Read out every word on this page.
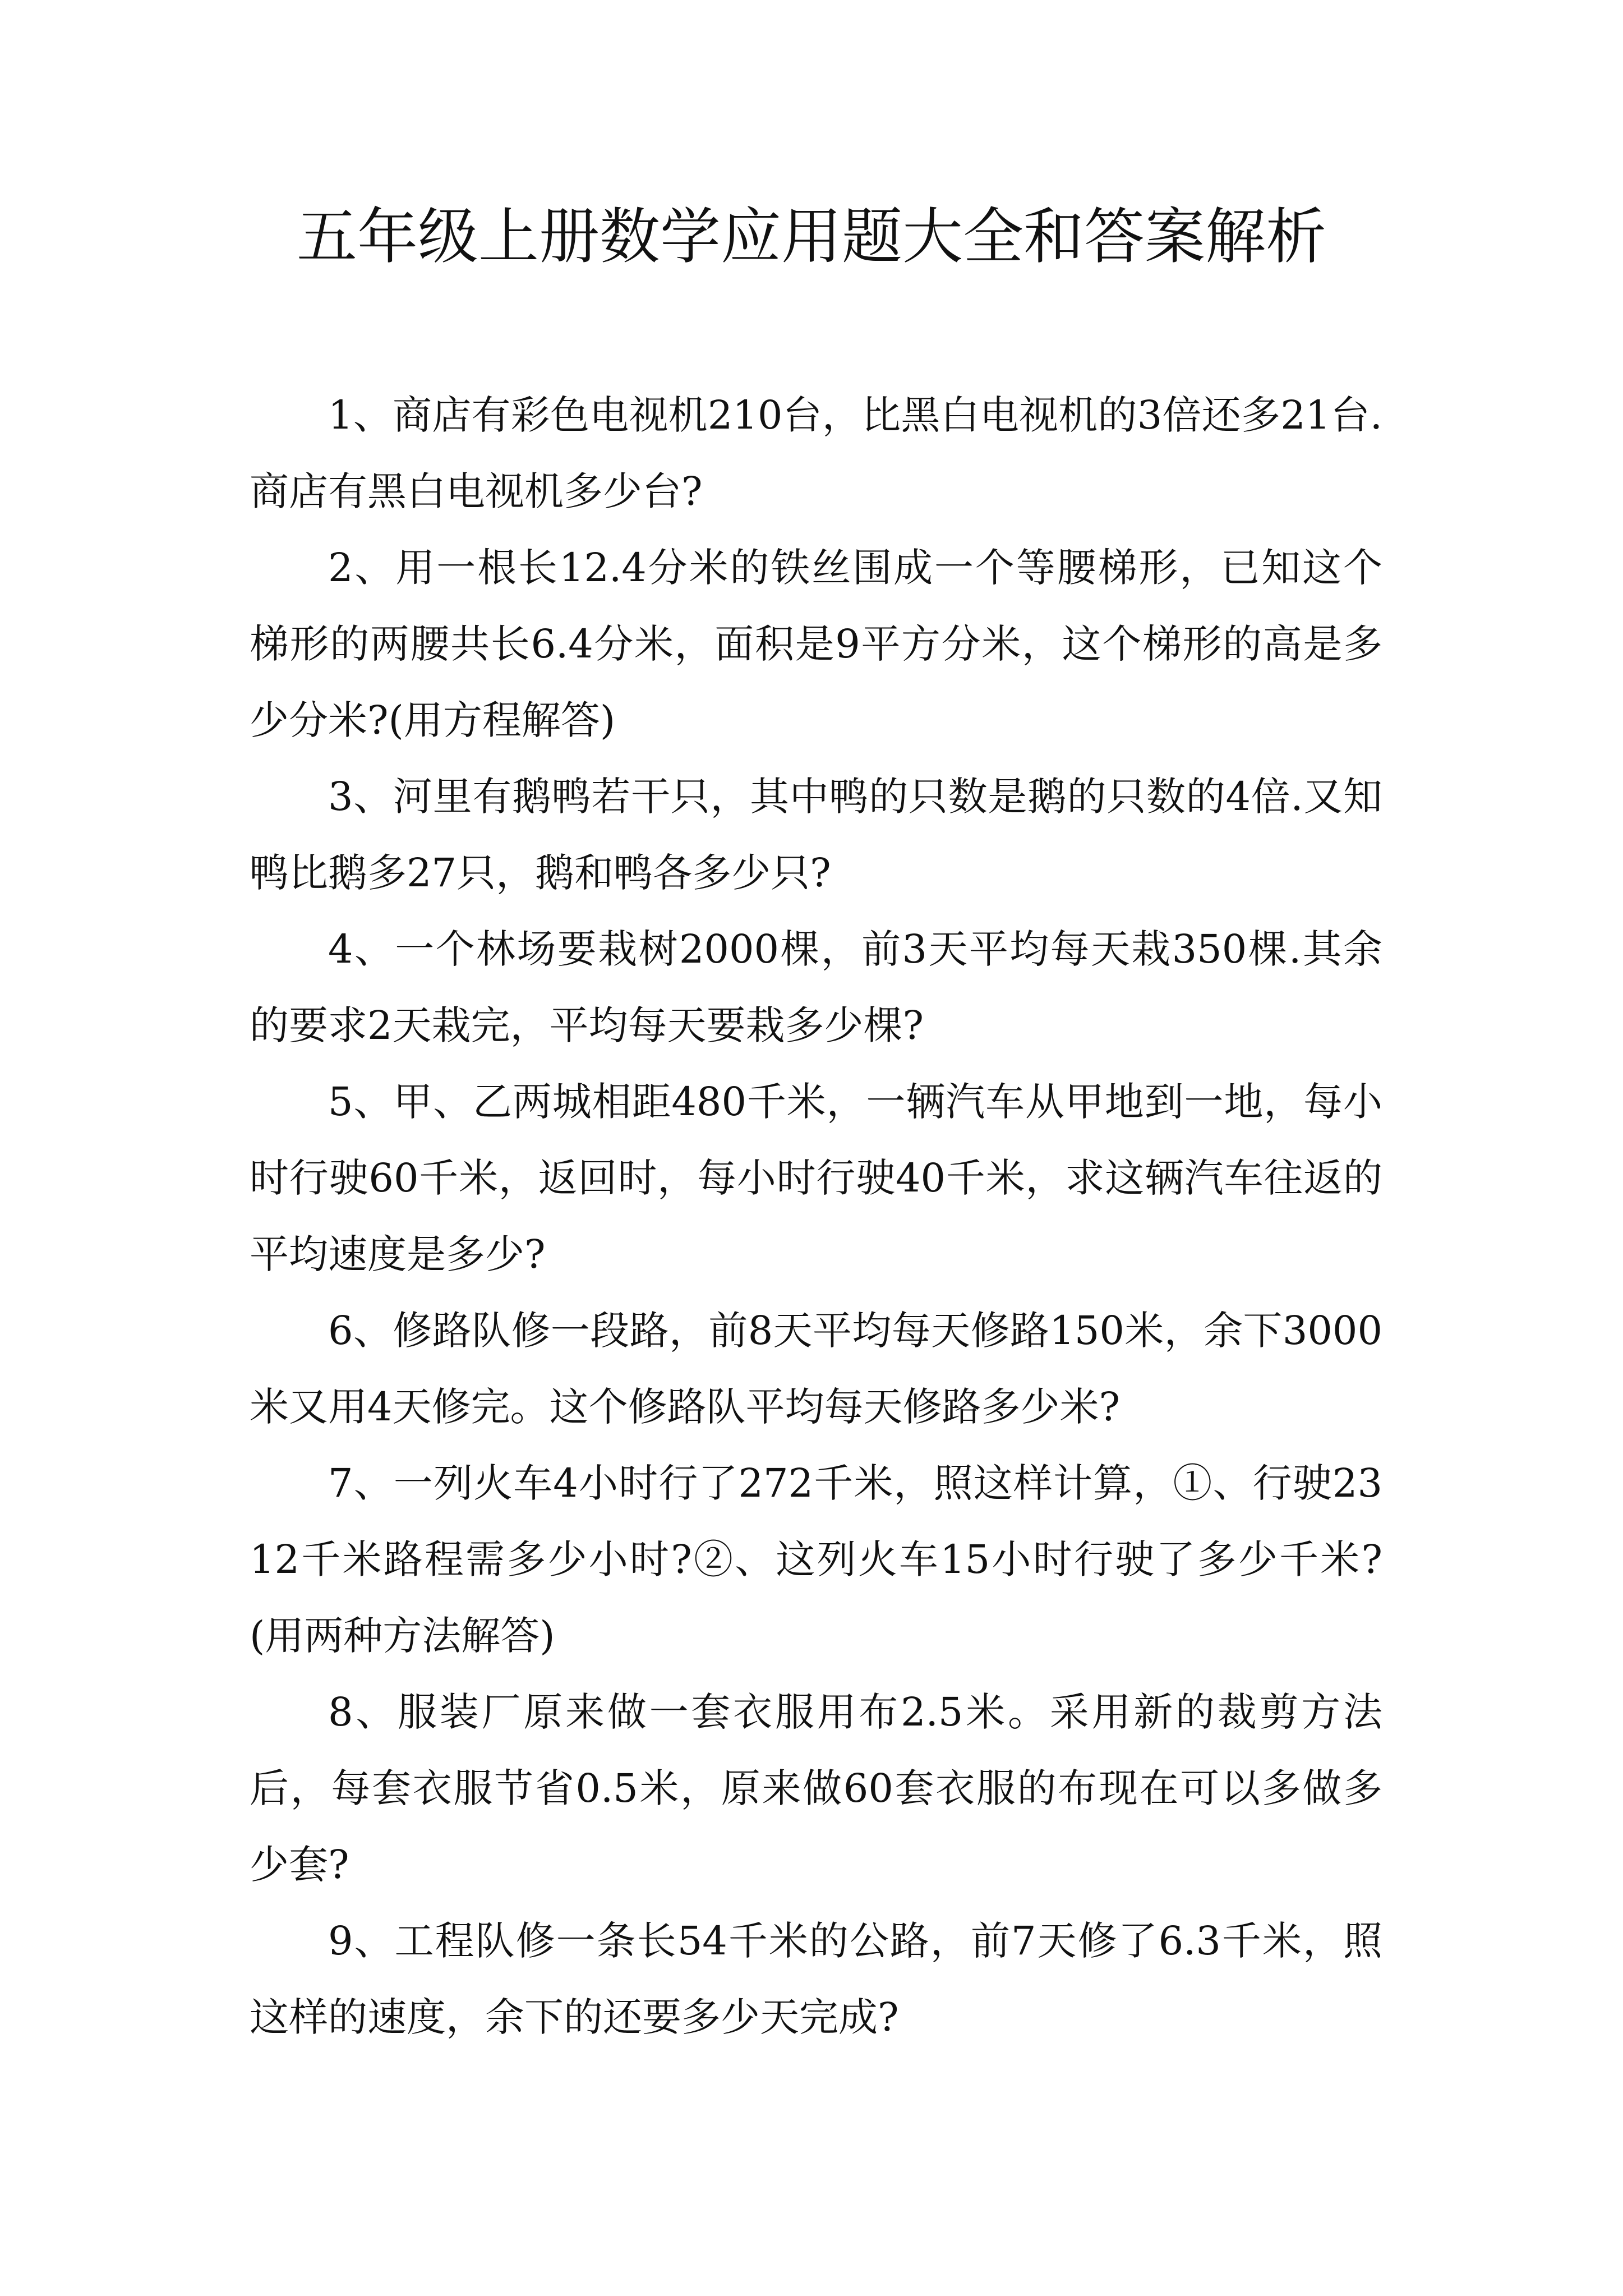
五年级上册数学应用题大全和答案解析

1、商店有彩色电视机210台，比黑白电视机的3倍还多21台.商店有黑白电视机多少台?

2、用一根长12.4分米的铁丝围成一个等腰梯形，已知这个梯形的两腰共长6.4分米，面积是9平方分米，这个梯形的高是多少分米?(用方程解答)

3、河里有鹅鸭若干只，其中鸭的只数是鹅的只数的4倍.又知鸭比鹅多27只，鹅和鸭各多少只?

4、一个林场要栽树2000棵，前3天平均每天栽350棵.其余的要求2天栽完，平均每天要栽多少棵?

5、甲、乙两城相距480千米，一辆汽车从甲地到一地，每小时行驶60千米，返回时，每小时行驶40千米，求这辆汽车往返的平均速度是多少?

6、修路队修一段路，前8天平均每天修路150米，余下3000米又用4天修完。这个修路队平均每天修路多少米?

7、一列火车4小时行了272千米，照这样计算，①、行驶2312千米路程需多少小时?②、这列火车15小时行驶了多少千米?(用两种方法解答)

8、服装厂原来做一套衣服用布2.5米。采用新的裁剪方法后，每套衣服节省0.5米，原来做60套衣服的布现在可以多做多少套?

9、工程队修一条长54千米的公路，前7天修了6.3千米，照这样的速度，余下的还要多少天完成?
